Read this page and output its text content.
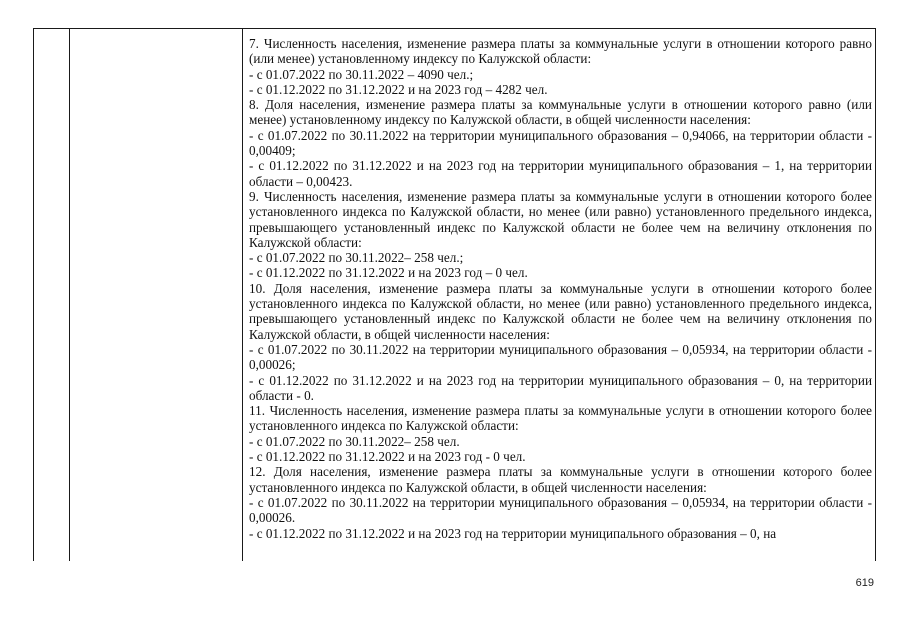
7. Численность населения, изменение размера платы за коммунальные услуги в отношении которого равно (или менее) установленному индексу по Калужской области:

- с 01.07.2022 по 30.11.2022 – 4090 чел.;

- с 01.12.2022 по 31.12.2022 и на 2023 год – 4282 чел.

8. Доля населения, изменение размера платы за коммунальные услуги в отношении которого равно (или менее) установленному индексу по Калужской области, в общей численности населения:

- с 01.07.2022 по 30.11.2022 на территории муниципального образования – 0,94066, на территории области - 0,00409;

- с 01.12.2022 по 31.12.2022 и на 2023 год на территории муниципального образования – 1, на территории области – 0,00423.

9. Численность населения, изменение размера платы за коммунальные услуги в отношении которого более установленного индекса по Калужской области, но менее (или равно) установленного предельного индекса, превышающего установленный индекс по Калужской области не более чем на величину отклонения по Калужской области:

- с 01.07.2022 по 30.11.2022– 258 чел.;

- с 01.12.2022 по 31.12.2022 и на 2023 год – 0 чел.

10. Доля населения, изменение размера платы за коммунальные услуги в отношении которого более установленного индекса по Калужской области, но менее (или равно) установленного предельного индекса, превышающего установленный индекс по Калужской области не более чем на величину отклонения по Калужской области, в общей численности населения:

- с 01.07.2022 по 30.11.2022 на территории муниципального образования – 0,05934, на территории области - 0,00026;

- с 01.12.2022 по 31.12.2022 и на 2023 год на территории муниципального образования – 0, на территории области - 0.

11. Численность населения, изменение размера платы за коммунальные услуги в отношении которого более установленного индекса по Калужской области:

- с 01.07.2022 по 30.11.2022– 258 чел.

- с 01.12.2022 по 31.12.2022 и на 2023 год - 0 чел.

12. Доля населения, изменение размера платы за коммунальные услуги в отношении которого более установленного индекса по Калужской области, в общей численности населения:

- с 01.07.2022 по 30.11.2022 на территории муниципального образования – 0,05934, на территории области - 0,00026.

- с 01.12.2022 по 31.12.2022 и на 2023 год на территории муниципального образования – 0, на

619
